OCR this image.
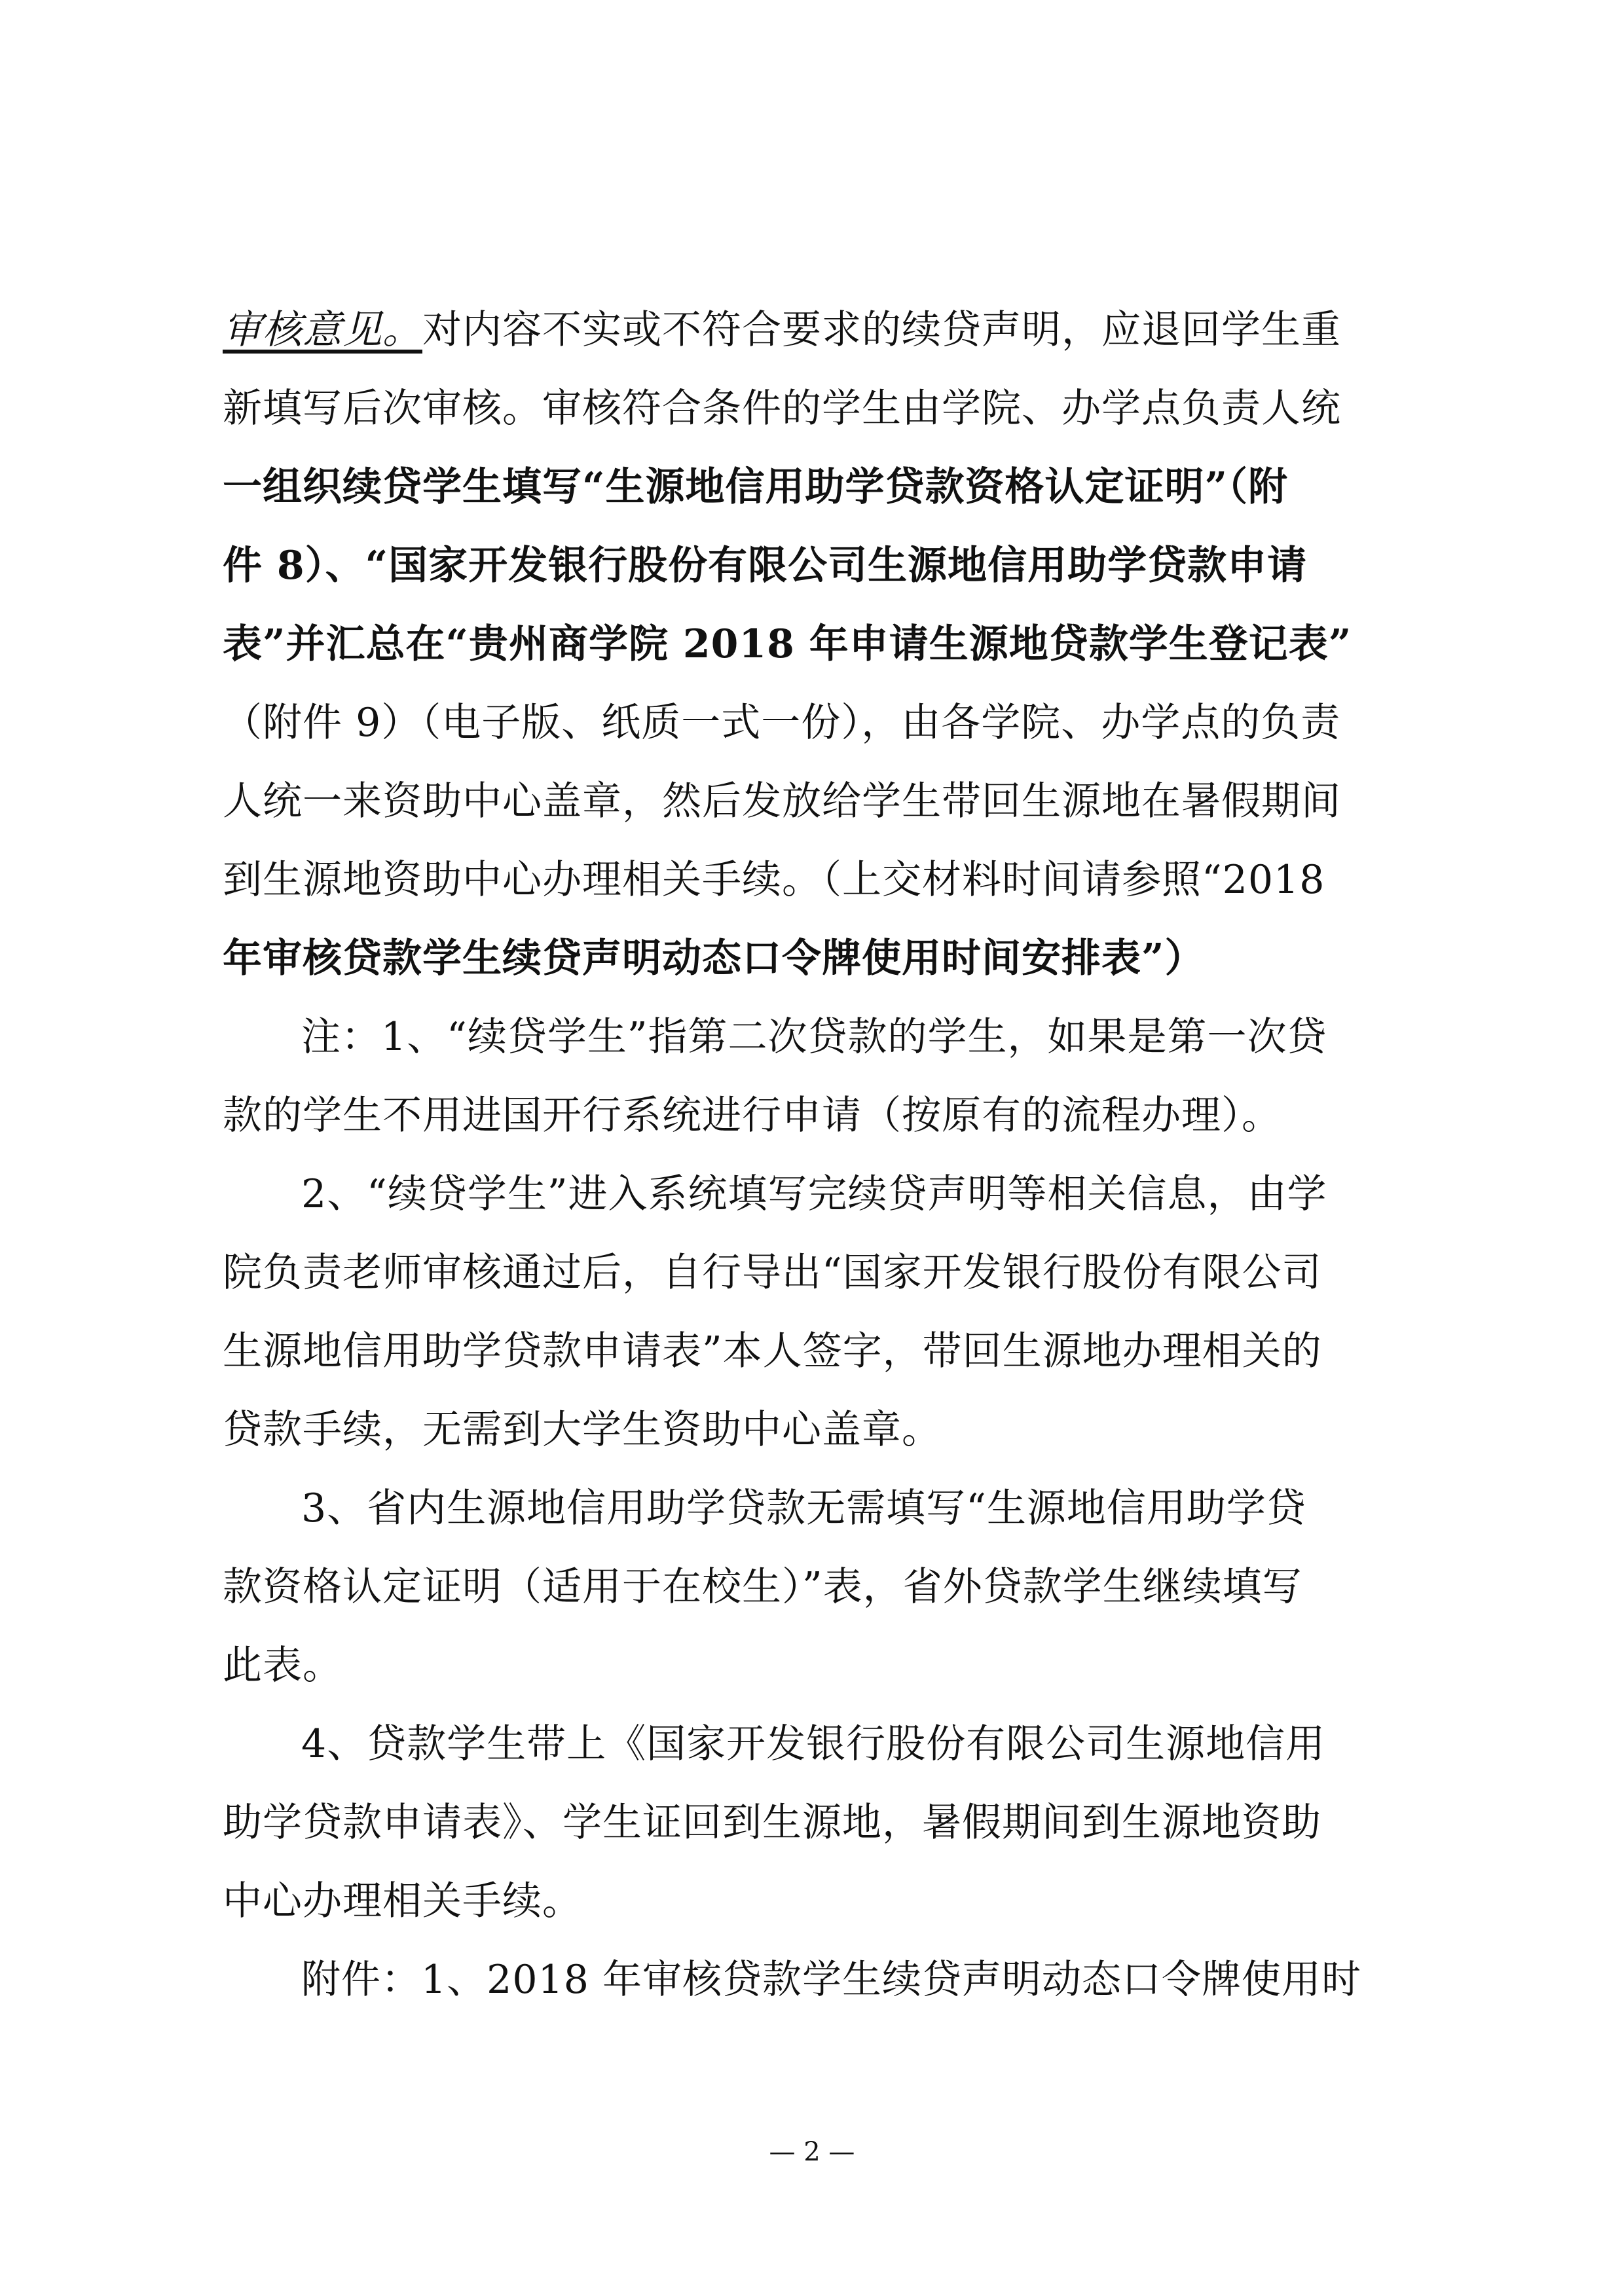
审核意见。对内容不实或不符合要求的续贷声明，应退回学生重
新填写后次审核。审核符合条件的学生由学院、办学点负责人统
一组织续贷学生填写“生源地信用助学贷款资格认定证明”（附
件 8）、“国家开发银行股份有限公司生源地信用助学贷款申请
表”并汇总在“贵州商学院 2018 年申请生源地贷款学生登记表”
（附件 9）（电子版、纸质一式一份），由各学院、办学点的负责
人统一来资助中心盖章，然后发放给学生带回生源地在暑假期间
到生源地资助中心办理相关手续。（上交材料时间请参照“2018
年审核贷款学生续贷声明动态口令牌使用时间安排表”）
注：1、“续贷学生”指第二次贷款的学生，如果是第一次贷
款的学生不用进国开行系统进行申请（按原有的流程办理）。
2、“续贷学生”进入系统填写完续贷声明等相关信息，由学
院负责老师审核通过后，自行导出“国家开发银行股份有限公司
生源地信用助学贷款申请表”本人签字，带回生源地办理相关的
贷款手续，无需到大学生资助中心盖章。
3、省内生源地信用助学贷款无需填写“生源地信用助学贷
款资格认定证明（适用于在校生）”表，省外贷款学生继续填写
此表。
4、贷款学生带上《国家开发银行股份有限公司生源地信用
助学贷款申请表》、学生证回到生源地，暑假期间到生源地资助
中心办理相关手续。
附件：1、2018 年审核贷款学生续贷声明动态口令牌使用时
— 2 —
